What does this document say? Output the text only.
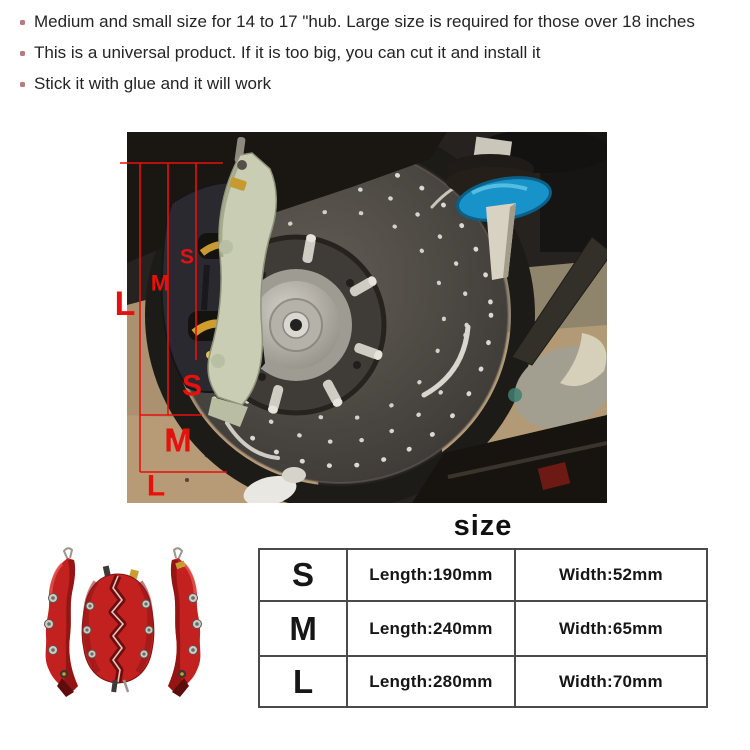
Medium and small size for 14 to 17 "hub. Large size is required for those over 18 inches
This is a universal product. If it is too big, you can cut it and install it
Stick it with glue and it will work
S
M
L
S
M
L
size
S	Length:190mm	Width:52mm
M	Length:240mm	Width:65mm
L	Length:280mm	Width:70mm
